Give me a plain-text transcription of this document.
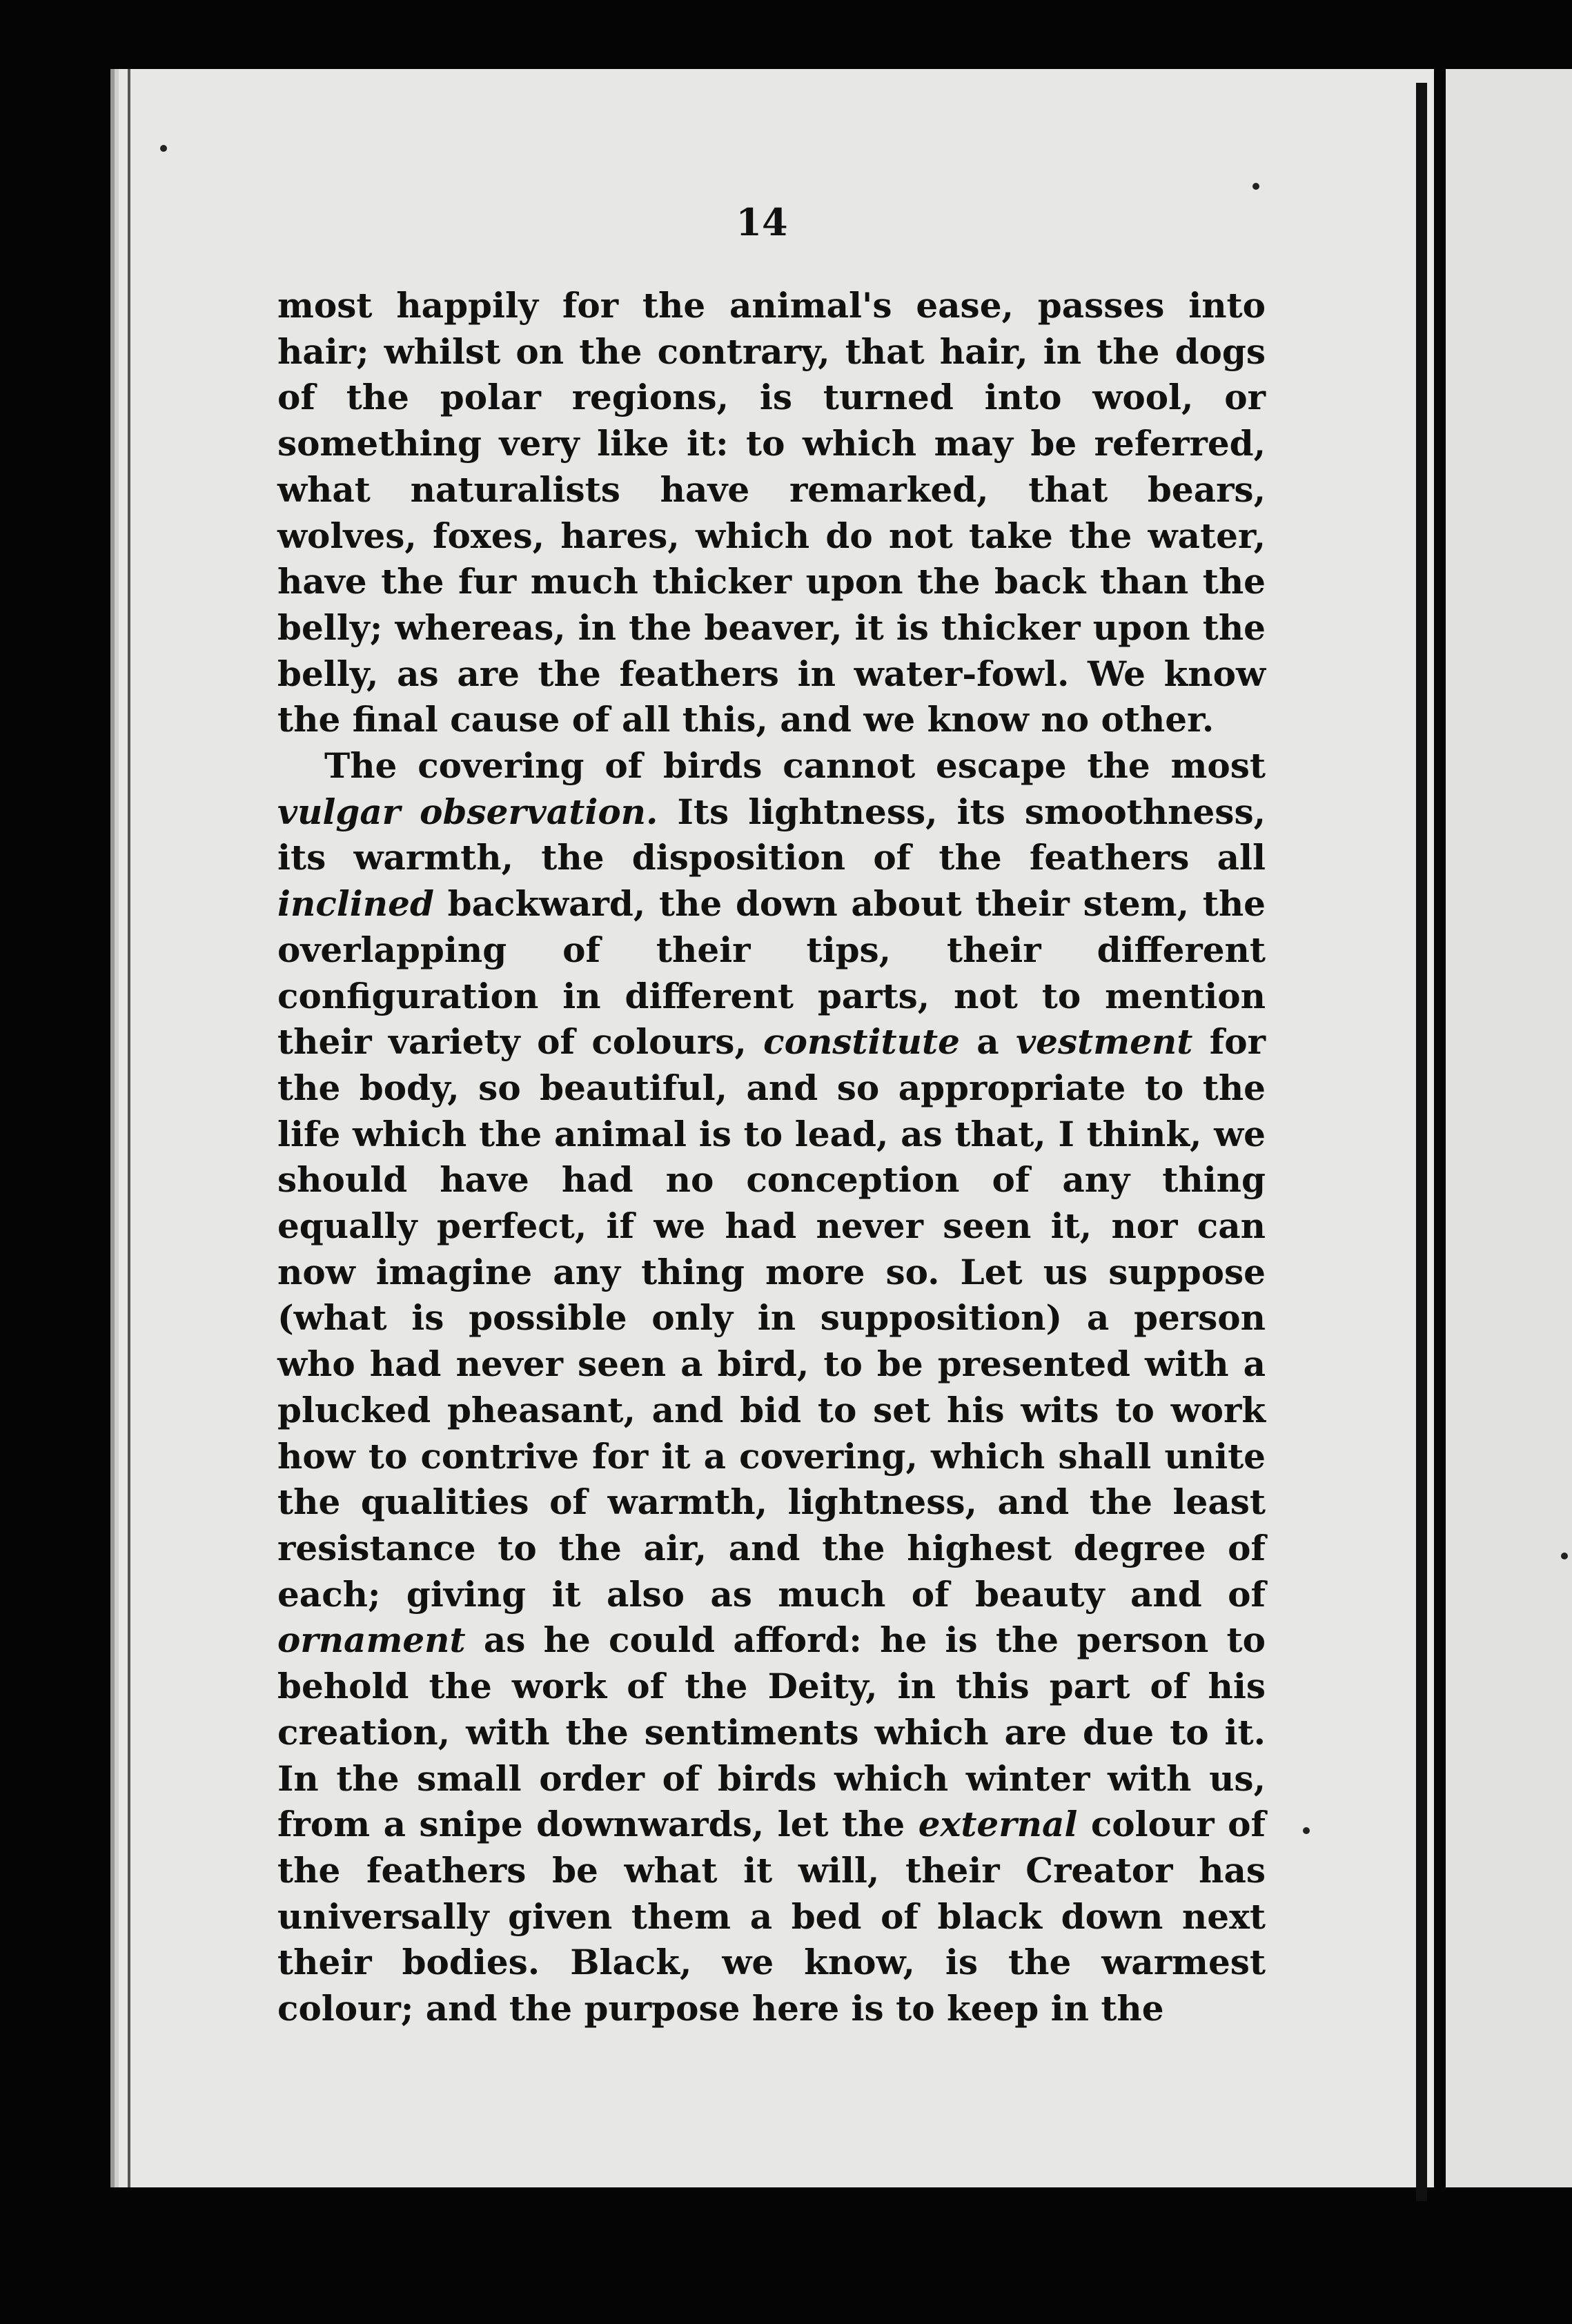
14

most happily for the animal's ease, passes into hair; whilst on the contrary, that hair, in the dogs of the polar regions, is turned into wool, or something very like it: to which may be referred, what naturalists have remarked, that bears, wolves, foxes, hares, which do not take the water, have the fur much thicker upon the back than the belly; whereas, in the beaver, it is thicker upon the belly, as are the feathers in water-fowl. We know the final cause of all this, and we know no other.

The covering of birds cannot escape the most vulgar observation. Its lightness, its smoothness, its warmth, the disposition of the feathers all inclined backward, the down about their stem, the overlapping of their tips, their different configuration in different parts, not to mention their variety of colours, constitute a vestment for the body, so beautiful, and so appropriate to the life which the animal is to lead, as that, I think, we should have had no conception of any thing equally perfect, if we had never seen it, nor can now imagine any thing more so. Let us suppose (what is possible only in supposition) a person who had never seen a bird, to be presented with a plucked pheasant, and bid to set his wits to work how to contrive for it a covering, which shall unite the qualities of warmth, lightness, and the least resistance to the air, and the highest degree of each; giving it also as much of beauty and of ornament as he could afford: he is the person to behold the work of the Deity, in this part of his creation, with the sentiments which are due to it. In the small order of birds which winter with us, from a snipe downwards, let the external colour of the feathers be what it will, their Creator has universally given them a bed of black down next their bodies. Black, we know, is the warmest colour; and the purpose here is to keep in the
